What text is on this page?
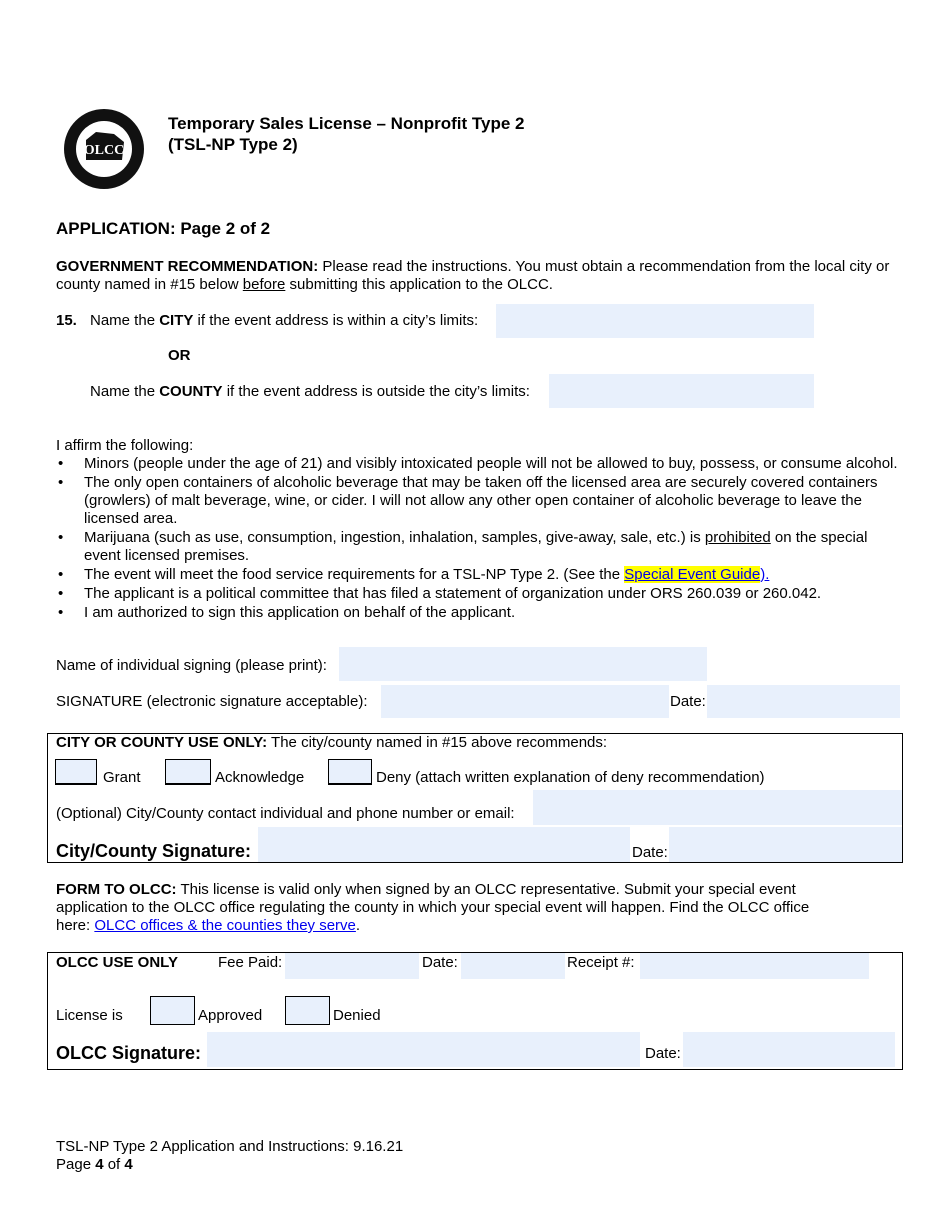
OLCC
Temporary Sales License – Nonprofit Type 2
(TSL-NP Type 2)
APPLICATION: Page 2 of 2
GOVERNMENT RECOMMENDATION: Please read the instructions. You must obtain a recommendation from the local city or county named in #15 below before submitting this application to the OLCC.
15. Name the CITY if the event address is within a city’s limits:
OR
Name the COUNTY if the event address is outside the city’s limits:
I affirm the following:
• Minors (people under the age of 21) and visibly intoxicated people will not be allowed to buy, possess, or consume alcohol.
• The only open containers of alcoholic beverage that may be taken off the licensed area are securely covered containers (growlers) of malt beverage, wine, or cider. I will not allow any other open container of alcoholic beverage to leave the licensed area.
• Marijuana (such as use, consumption, ingestion, inhalation, samples, give-away, sale, etc.) is prohibited on the special event licensed premises.
• The event will meet the food service requirements for a TSL-NP Type 2. (See the Special Event Guide).
• The applicant is a political committee that has filed a statement of organization under ORS 260.039 or 260.042.
• I am authorized to sign this application on behalf of the applicant.
Name of individual signing (please print):
SIGNATURE (electronic signature acceptable):	Date:
CITY OR COUNTY USE ONLY: The city/county named in #15 above recommends:
Grant	Acknowledge	Deny (attach written explanation of deny recommendation)
(Optional) City/County contact individual and phone number or email:
City/County Signature:	Date:
FORM TO OLCC: This license is valid only when signed by an OLCC representative. Submit your special event application to the OLCC office regulating the county in which your special event will happen. Find the OLCC office here: OLCC offices & the counties they serve.
OLCC USE ONLY	Fee Paid:	Date:	Receipt #:
License is	Approved	Denied
OLCC Signature:	Date:
TSL-NP Type 2 Application and Instructions: 9.16.21
Page 4 of 4
